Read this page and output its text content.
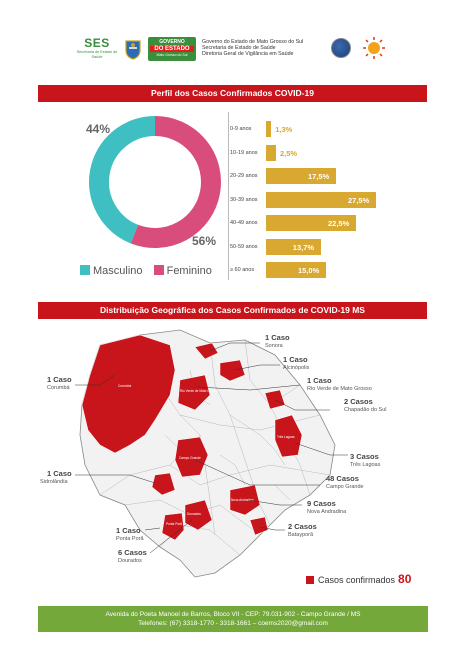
SES
Secretaria de Estado de Saúde
GOVERNO
DO ESTADO
Mato Grosso do Sul
Governo do Estado de Mato Grosso do Sul
Secretaria de Estado de Saúde
Diretoria Geral de Vigilância em Saúde
Perfil dos Casos Confirmados COVID-19
44%
56%
Masculino Feminino
0-9 anos	1,3%
10-19 anos	2,5%
20-29 anos	17,5%
30-39 anos	27,5%
40-49 anos	22,5%
50-59 anos	13,7%
≥ 60 anos	15,0%
Distribuição Geográfica dos Casos Confirmados de COVID-19 MS
Corumbá
Rio Verde de Mato Grosso
Campo Grande
Três Lagoas
Nova Andradina
Dourados
Ponta Porã
1 Caso
Sonora
1 Caso
Alcinópolis
1 Caso
Rio Verde de Mato Grosso
2 Casos
Chapadão do Sul
3 Casos
Três Lagoas
48 Casos
Campo Grande
9 Casos
Nova Andradina
2 Casos
Batayporã
1 Caso
Corumbá
1 Caso
Sidrolândia
1 Caso
Ponta Porã
6 Casos
Dourados
Casos confirmados 80
Avenida do Poeta Manoel de Barros, Bloco VII - CEP: 79.031-902 - Campo Grande / MS
Telefones: (67) 3318-1770 - 3318-1661 – coems2020@gmail.com
